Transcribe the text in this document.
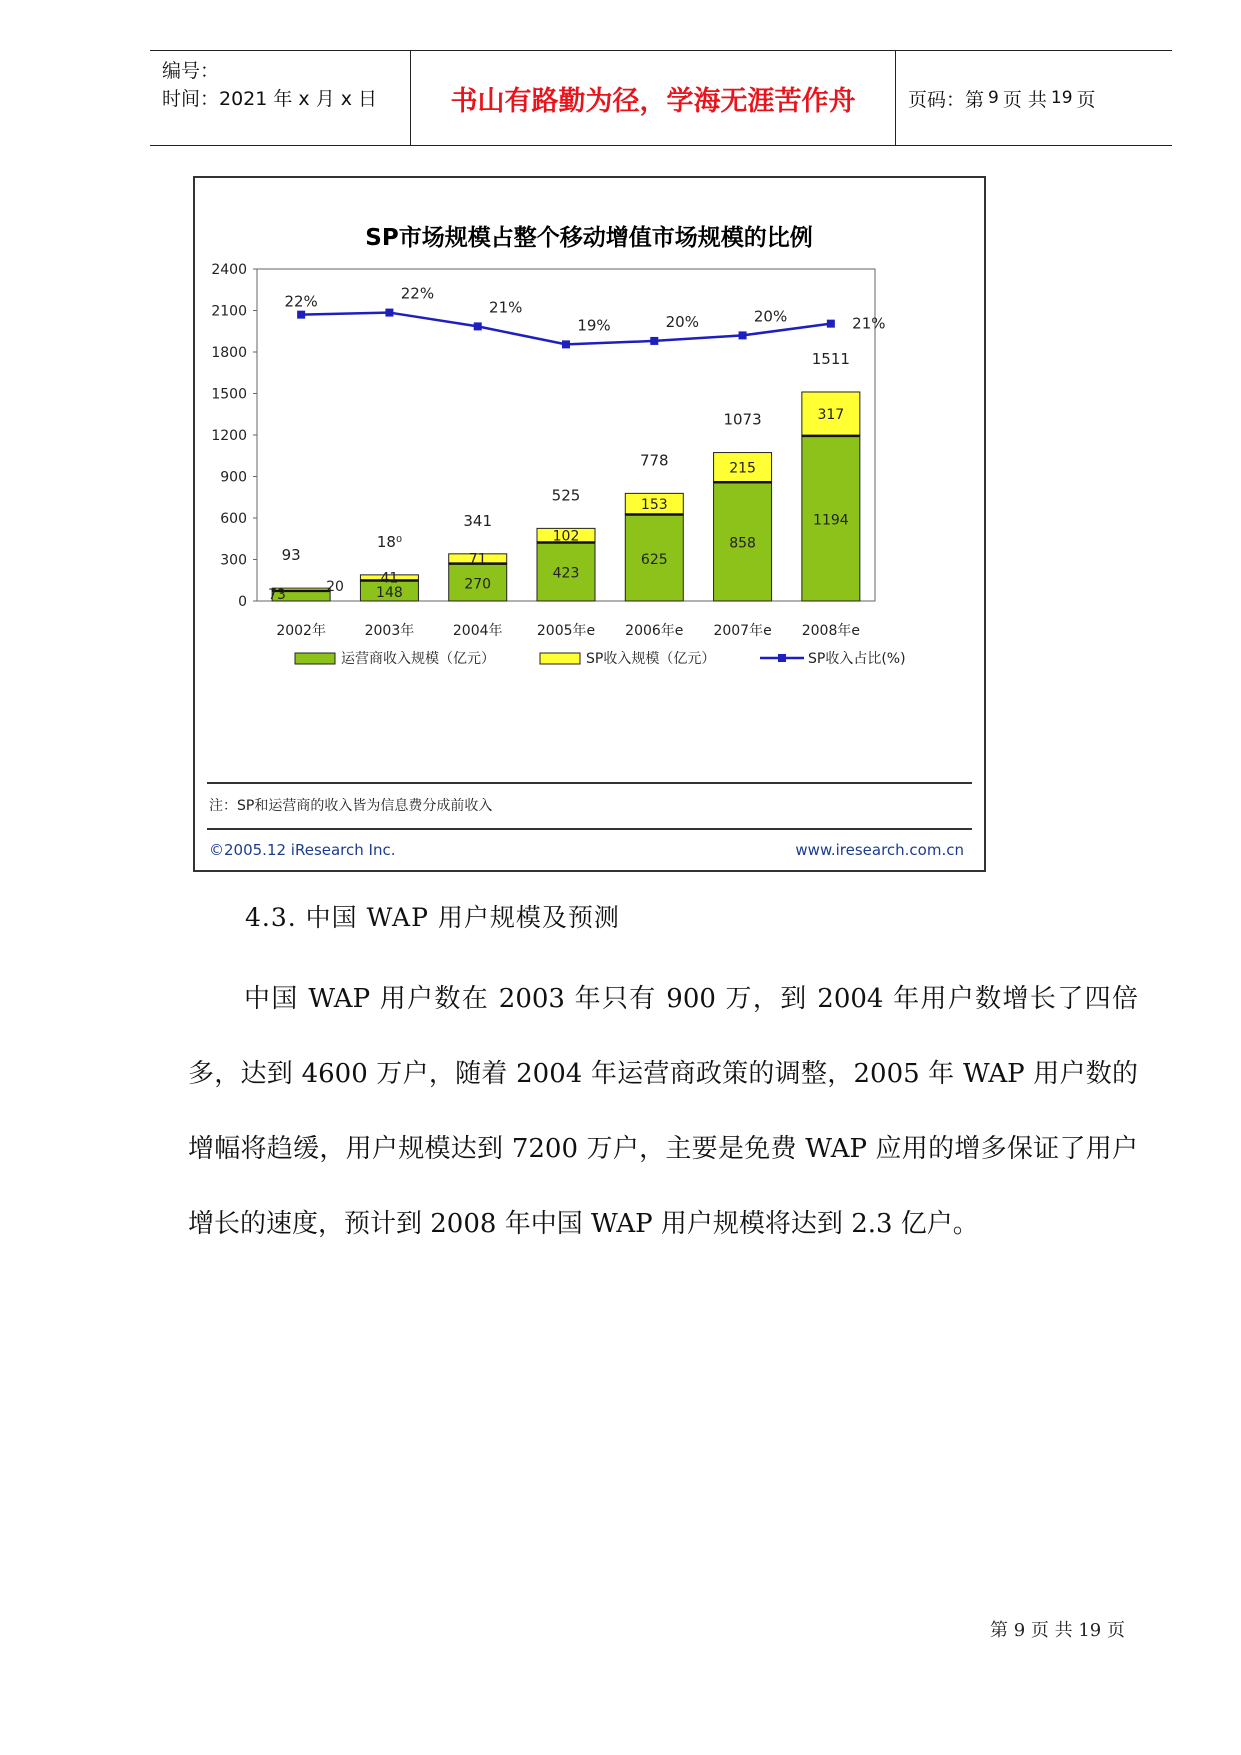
编号：
时间：2021 年 x 月 x 日	书山有路勤为径，学海无涯苦作舟	页码：第 9 页 共 19 页
SP市场规模占整个移动增值市场规模的比例
0
300
600
900
1200
1500
1800
2100
2400
73	20
93
2002年
148
41
18⁰
2003年
270
71
341
2004年
423
102
525
2005年e
625
153
778
2006年e
858
215
1073
2007年e
1194
317
1511
2008年e
22%	22%
21%
19%	20%	20%	21%
运营商收入规模（亿元）	SP收入规模（亿元）	SP收入占比(%)
注：SP和运营商的收入皆为信息费分成前收入
©2005.12 iResearch Inc.	www.iresearch.com.cn
4.3. 中国 WAP 用户规模及预测
中国 WAP 用户数在 2003 年只有 900 万，到 2004 年用户数增长了四倍多，达到 4600 万户，随着 2004 年运营商政策的调整，2005 年 WAP 用户数的增幅将趋缓，用户规模达到 7200 万户，主要是免费 WAP 应用的增多保证了用户增长的速度，预计到 2008 年中国 WAP 用户规模将达到 2.3 亿户。
第 9 页 共 19 页
